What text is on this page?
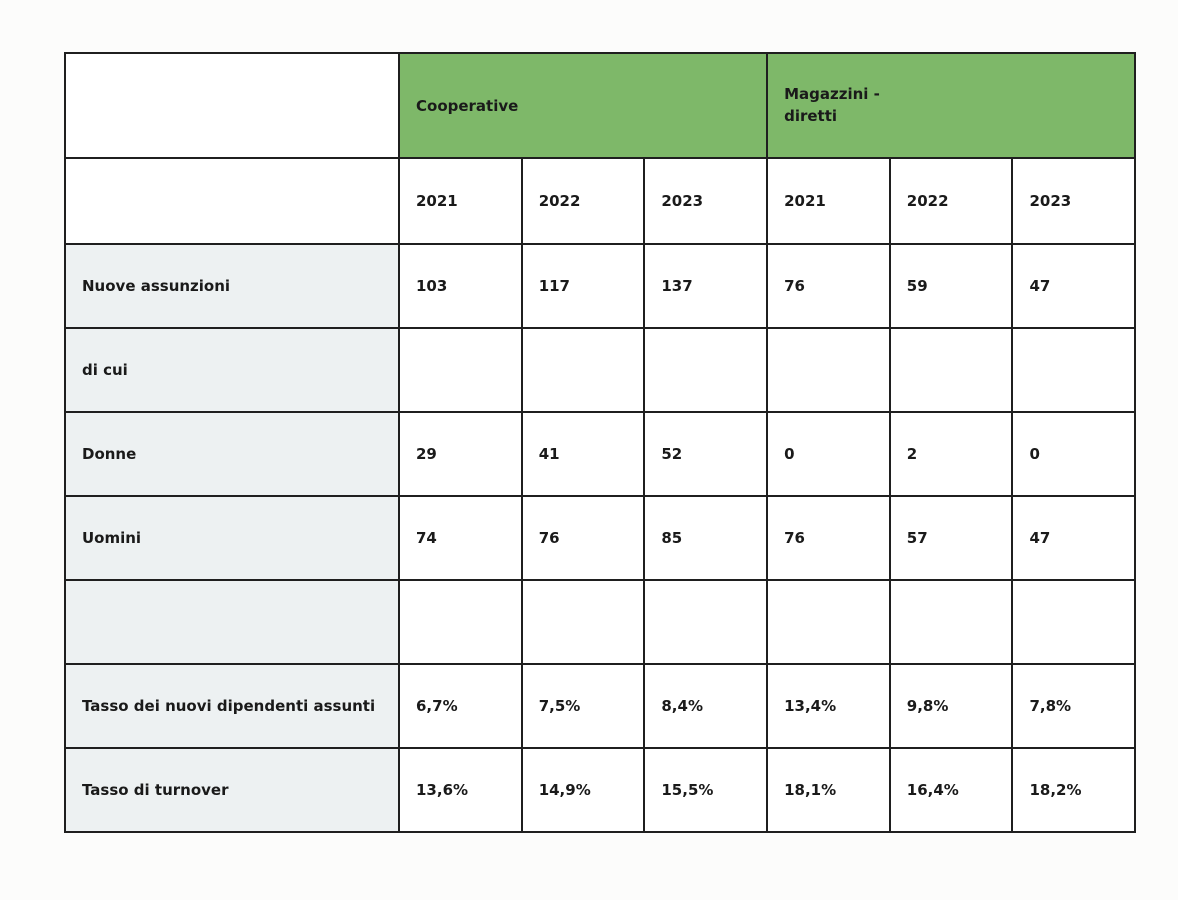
	Cooperative			Magazzini - diretti		
	2021	2022	2023	2021	2022	2023
Nuove assunzioni	103	117	137	76	59	47
di cui						
Donne	29	41	52	0	2	0
Uomini	74	76	85	76	57	47

Tasso dei nuovi dipendenti assunti	6,7%	7,5%	8,4%	13,4%	9,8%	7,8%
Tasso di turnover	13,6%	14,9%	15,5%	18,1%	16,4%	18,2%
